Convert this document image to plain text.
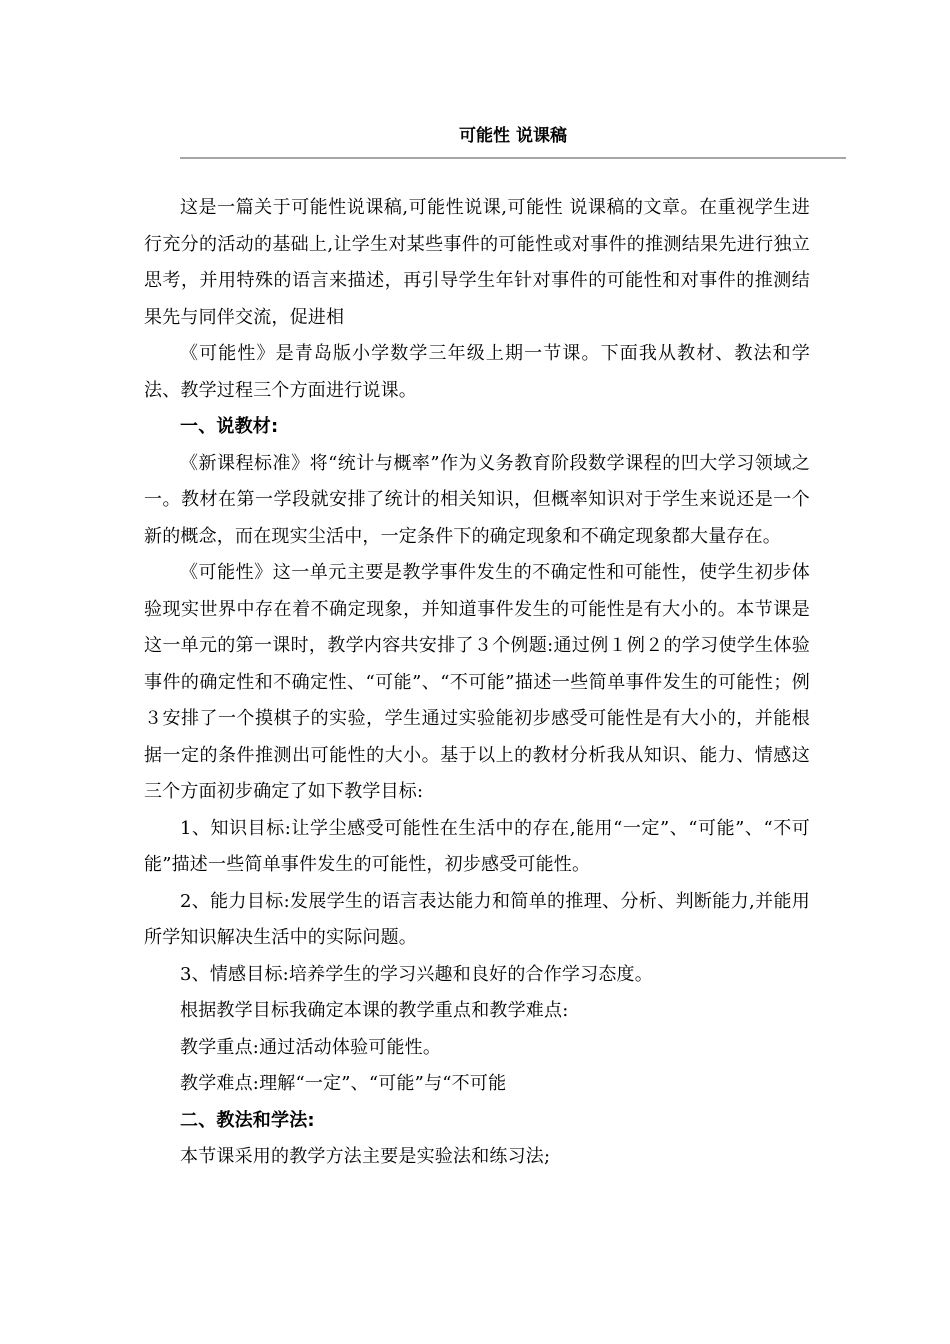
可能性 说课稿

这是一篇关于可能性说课稿,可能性说课,可能性 说课稿的文章。在重视学生进行充分的活动的基础上,让学生对某些事件的可能性或对事件的推测结果先进行独立思考，并用特殊的语言来描述，再引导学生年针对事件的可能性和对事件的推测结果先与同伴交流，促进相

《可能性》是青岛版小学数学三年级上期一节课。下面我从教材、教法和学法、教学过程三个方面进行说课。

一、说教材:

《新课程标准》将“统计与概率”作为义务教育阶段数学课程的凹大学习领域之一。教材在第一学段就安排了统计的相关知识，但概率知识对于学生来说还是一个新的概念，而在现实尘活中，一定条件下的确定现象和不确定现象都大量存在。

《可能性》这一单元主要是教学事件发生的不确定性和可能性，使学生初步体验现实世界中存在着不确定现象，并知道事件发生的可能性是有大小的。本节课是这一单元的第一课时，教学内容共安排了３个例题:通过例１例２的学习使学生体验事件的确定性和不确定性、“可能”、“不可能”描述一些简单事件发生的可能性；例３安排了一个摸棋子的实验，学生通过实验能初步感受可能性是有大小的，并能根据一定的条件推测出可能性的大小。基于以上的教材分析我从知识、能力、情感这三个方面初步确定了如下教学目标:

1、知识目标:让学尘感受可能性在生活中的存在,能用“一定”、“可能”、“不可能”描述一些简单事件发生的可能性，初步感受可能性。

2、能力目标:发展学生的语言表达能力和简单的推理、分析、判断能力,并能用所学知识解决生活中的实际问题。

3、情感目标:培养学生的学习兴趣和良好的合作学习态度。

根据教学目标我确定本课的教学重点和教学难点:

教学重点:通过活动体验可能性。

教学难点:理解“一定”、“可能”与“不可能

二、教法和学法:

本节课采用的教学方法主要是实验法和练习法;
